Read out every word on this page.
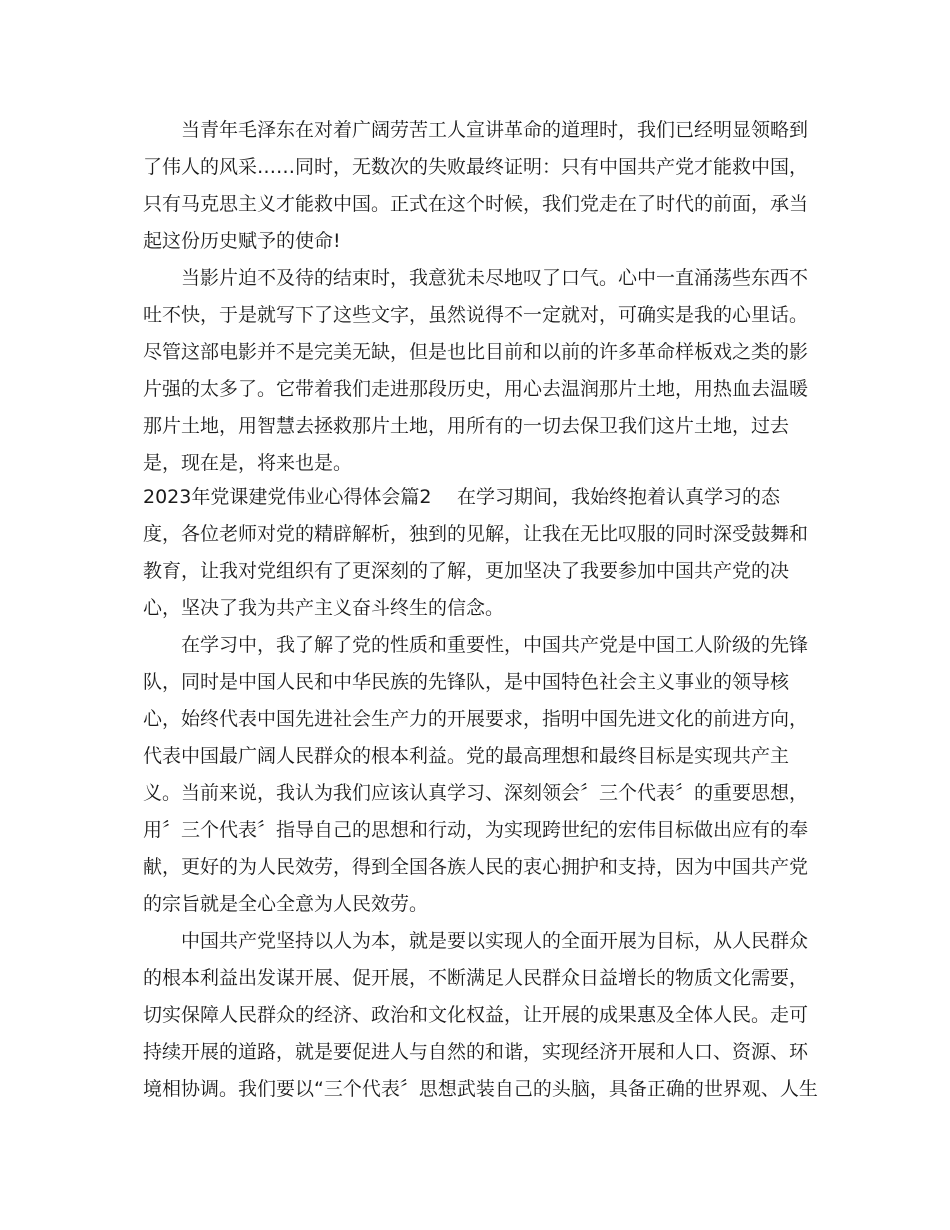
当青年毛泽东在对着广阔劳苦工人宣讲革命的道理时，我们已经明显领略到
了伟人的风采……同时，无数次的失败最终证明：只有中国共产党才能救中国，
只有马克思主义才能救中国。正式在这个时候，我们党走在了时代的前面，承当
起这份历史赋予的使命!
当影片迫不及待的结束时，我意犹未尽地叹了口气。心中一直涌荡些东西不
吐不快，于是就写下了这些文字，虽然说得不一定就对，可确实是我的心里话。
尽管这部电影并不是完美无缺，但是也比目前和以前的许多革命样板戏之类的影
片强的太多了。它带着我们走进那段历史，用心去温润那片土地，用热血去温暖
那片土地，用智慧去拯救那片土地，用所有的一切去保卫我们这片土地，过去
是，现在是，将来也是。
2023年党课建党伟业心得体会篇2 在学习期间，我始终抱着认真学习的态
度，各位老师对党的精辟解析，独到的见解，让我在无比叹服的同时深受鼓舞和
教育，让我对党组织有了更深刻的了解，更加坚决了我要参加中国共产党的决
心，坚决了我为共产主义奋斗终生的信念。
在学习中，我了解了党的性质和重要性，中国共产党是中国工人阶级的先锋
队，同时是中国人民和中华民族的先锋队，是中国特色社会主义事业的领导核
心，始终代表中国先进社会生产力的开展要求，指明中国先进文化的前进方向，
代表中国最广阔人民群众的根本利益。党的最高理想和最终目标是实现共产主
义。当前来说，我认为我们应该认真学习、深刻领会〞三个代表〞的重要思想，
用〞三个代表〞指导自己的思想和行动，为实现跨世纪的宏伟目标做出应有的奉
献，更好的为人民效劳，得到全国各族人民的衷心拥护和支持，因为中国共产党
的宗旨就是全心全意为人民效劳。
中国共产党坚持以人为本，就是要以实现人的全面开展为目标，从人民群众
的根本利益出发谋开展、促开展，不断满足人民群众日益增长的物质文化需要，
切实保障人民群众的经济、政治和文化权益，让开展的成果惠及全体人民。走可
持续开展的道路，就是要促进人与自然的和谐，实现经济开展和人口、资源、环
境相协调。我们要以“三个代表〞思想武装自己的头脑，具备正确的世界观、人生
